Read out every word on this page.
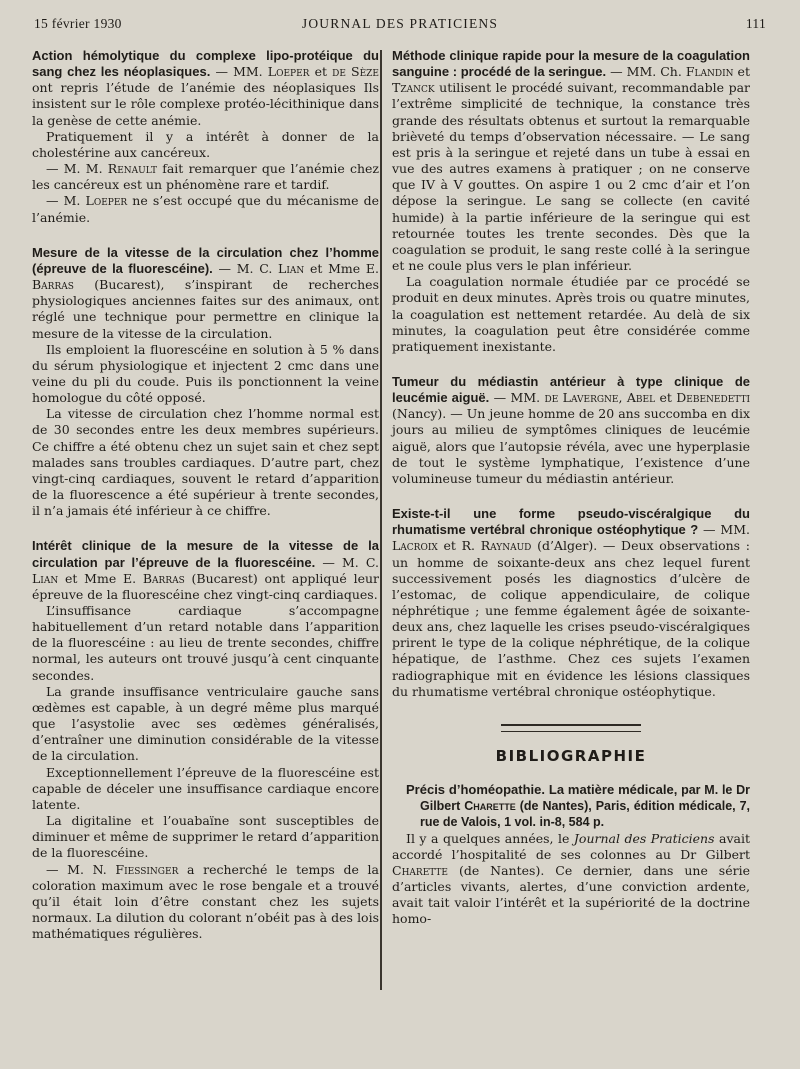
15 février 1930	JOURNAL DES PRATICIENS	111

Action hémolytique du complexe lipo-protéique du sang chez les néoplasiques. — MM. Loeper et de Sèze ont repris l’étude de l’anémie des néoplasiques Ils insistent sur le rôle complexe protéo-lécithinique dans la genèse de cette anémie.

Pratiquement il y a intérêt à donner de la cholestérine aux cancéreux.

— M. M. Renault fait remarquer que l’anémie chez les cancéreux est un phénomène rare et tardif.

— M. Loeper ne s’est occupé que du mécanisme de l’anémie.

Mesure de la vitesse de la circulation chez l’homme (épreuve de la fluorescéine). — M. C. Lian et Mme E. Barras (Bucarest), s’inspirant de recherches physiologiques anciennes faites sur des animaux, ont réglé une technique pour permettre en clinique la mesure de la vitesse de la circulation.

Ils emploient la fluorescéine en solution à 5 % dans du sérum physiologique et injectent 2 cmc dans une veine du pli du coude. Puis ils ponctionnent la veine homologue du côté opposé.

La vitesse de circulation chez l’homme normal est de 30 secondes entre les deux membres supérieurs. Ce chiffre a été obtenu chez un sujet sain et chez sept malades sans troubles cardiaques. D’autre part, chez vingt-cinq cardiaques, souvent le retard d’apparition de la fluorescence a été supérieur à trente secondes, il n’a jamais été inférieur à ce chiffre.

Intérêt clinique de la mesure de la vitesse de la circulation par l’épreuve de la fluorescéine. — M. C. Lian et Mme E. Barras (Bucarest) ont appliqué leur épreuve de la fluorescéine chez vingt-cinq cardiaques.

L’insuffisance cardiaque s’accompagne habituellement d’un retard notable dans l’apparition de la fluorescéine : au lieu de trente secondes, chiffre normal, les auteurs ont trouvé jusqu’à cent cinquante secondes.

La grande insuffisance ventriculaire gauche sans œdèmes est capable, à un degré même plus marqué que l’asystolie avec ses œdèmes généralisés, d’entraîner une diminution considérable de la vitesse de la circulation.

Exceptionnellement l’épreuve de la fluorescéine est capable de déceler une insuffisance cardiaque encore latente.

La digitaline et l’ouabaïne sont susceptibles de diminuer et même de supprimer le retard d’apparition de la fluorescéine.

— M. N. Fiessinger a recherché le temps de la coloration maximum avec le rose bengale et a trouvé qu’il était loin d’être constant chez les sujets normaux. La dilution du colorant n’obéit pas à des lois mathématiques régulières.

Méthode clinique rapide pour la mesure de la coagulation sanguine : procédé de la seringue. — MM. Ch. Flandin et Tzanck utilisent le procédé suivant, recommandable par l’extrême simplicité de technique, la constance très grande des résultats obtenus et surtout la remarquable brièveté du temps d’observation nécessaire. — Le sang est pris à la seringue et rejeté dans un tube à essai en vue des autres examens à pratiquer ; on ne conserve que IV à V gouttes. On aspire 1 ou 2 cmc d’air et l’on dépose la seringue. Le sang se collecte (en cavité humide) à la partie inférieure de la seringue qui est retournée toutes les trente secondes. Dès que la coagulation se produit, le sang reste collé à la seringue et ne coule plus vers le plan inférieur.

La coagulation normale étudiée par ce procédé se produit en deux minutes. Après trois ou quatre minutes, la coagulation est nettement retardée. Au delà de six minutes, la coagulation peut être considérée comme pratiquement inexistante.

Tumeur du médiastin antérieur à type clinique de leucémie aiguë. — MM. de Lavergne, Abel et Debenedetti (Nancy). — Un jeune homme de 20 ans succomba en dix jours au milieu de symptômes cliniques de leucémie aiguë, alors que l’autopsie révéla, avec une hyperplasie de tout le système lymphatique, l’existence d’une volumineuse tumeur du médiastin antérieur.

Existe-t-il une forme pseudo-viscéralgique du rhumatisme vertébral chronique ostéophytique ? — MM. Lacroix et R. Raynaud (d’Alger). — Deux observations : un homme de soixante-deux ans chez lequel furent successivement posés les diagnostics d’ulcère de l’estomac, de colique appendiculaire, de colique néphrétique ; une femme également âgée de soixante-deux ans, chez laquelle les crises pseudo-viscéralgiques prirent le type de la colique néphrétique, de la colique hépatique, de l’asthme. Chez ces sujets l’examen radiographique mit en évidence les lésions classiques du rhumatisme vertébral chronique ostéophytique.

BIBLIOGRAPHIE

Précis d’homéopathie. La matière médicale, par M. le Dr Gilbert Charette (de Nantes), Paris, édition médicale, 7, rue de Valois, 1 vol. in-8, 584 p.

Il y a quelques années, le Journal des Praticiens avait accordé l’hospitalité de ses colonnes au Dr Gilbert Charette (de Nantes). Ce dernier, dans une série d’articles vivants, alertes, d’une conviction ardente, avait tait valoir l’intérêt et la supériorité de la doctrine homo-
